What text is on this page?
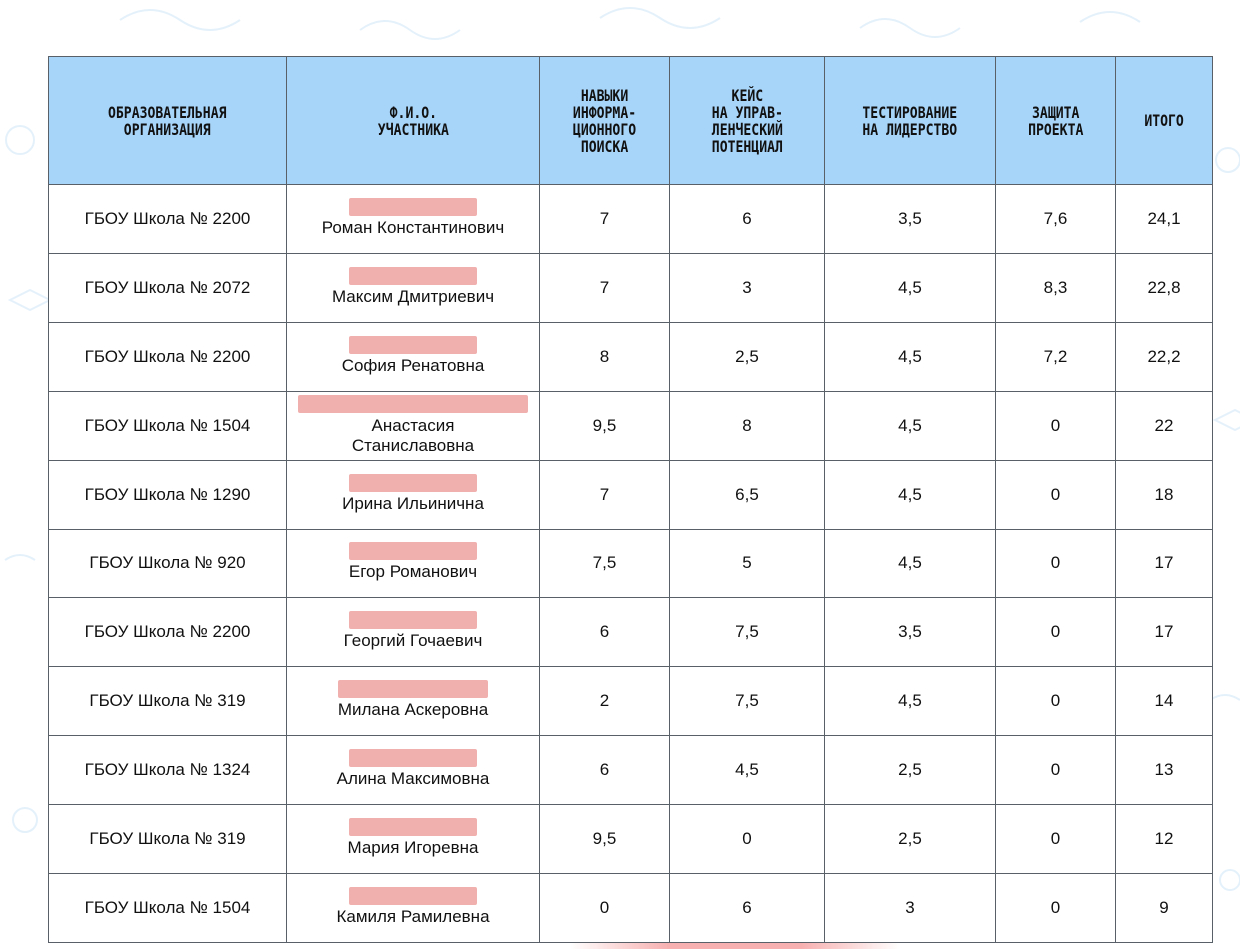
ОБРАЗОВАТЕЛЬНАЯ
ОРГАНИЗАЦИЯ	Ф.И.О.
УЧАСТНИКА	НАВЫКИ
ИНФОРМА-
ЦИОННОГО
ПОИСКА	КЕЙС
НА УПРАВ-
ЛЕНЧЕСКИЙ
ПОТЕНЦИАЛ	ТЕСТИРОВАНИЕ
НА ЛИДЕРСТВО	ЗАЩИТА
ПРОЕКТА	ИТОГО
ГБОУ Школа № 2200	Роман Константинович	7	6	3,5	7,6	24,1
ГБОУ Школа № 2072	Максим Дмитриевич	7	3	4,5	8,3	22,8
ГБОУ Школа № 2200	София Ренатовна	8	2,5	4,5	7,2	22,2
ГБОУ Школа № 1504	Анастасия
Станиславовна	9,5	8	4,5	0	22
ГБОУ Школа № 1290	Ирина Ильинична	7	6,5	4,5	0	18
ГБОУ Школа № 920	Егор Романович	7,5	5	4,5	0	17
ГБОУ Школа № 2200	Георгий Гочаевич	6	7,5	3,5	0	17
ГБОУ Школа № 319	Милана Аскеровна	2	7,5	4,5	0	14
ГБОУ Школа № 1324	Алина Максимовна	6	4,5	2,5	0	13
ГБОУ Школа № 319	Мария Игоревна	9,5	0	2,5	0	12
ГБОУ Школа № 1504	Камиля Рамилевна	0	6	3	0	9
